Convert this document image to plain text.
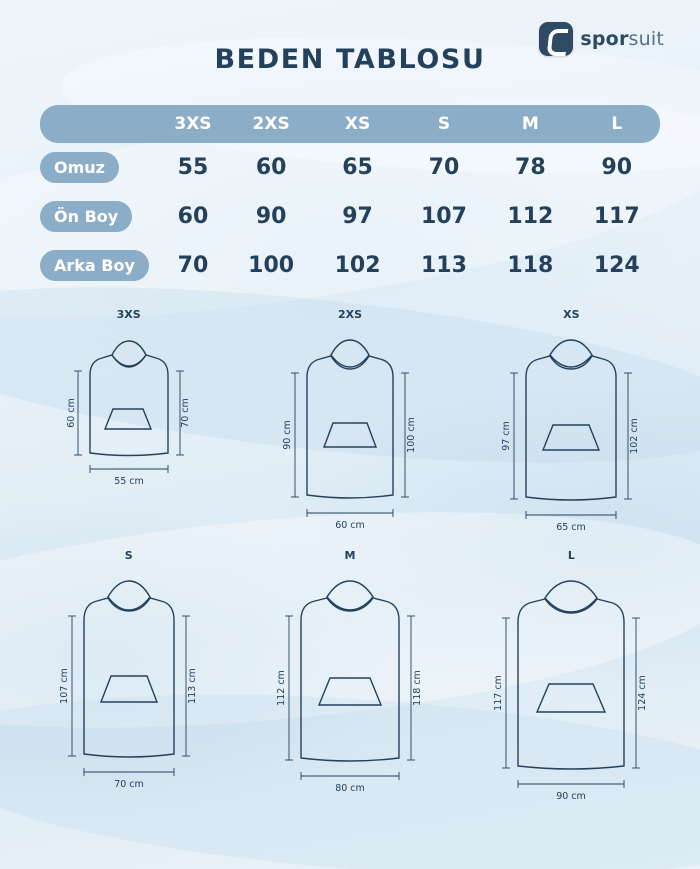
sporsuit
BEDEN TABLOSU
	3XS	2XS	XS	S	M	L
Omuz	55	60	65	70	78	90
Ön Boy	60	90	97	107	112	117
Arka Boy	70	100	102	113	118	124
3XS
60 cm	70 cm
55 cm
2XS
90 cm	100 cm
60 cm
XS
97 cm	102 cm
65 cm
S
107 cm	113 cm
70 cm
M
112 cm	118 cm
80 cm
L
117 cm	124 cm
90 cm
